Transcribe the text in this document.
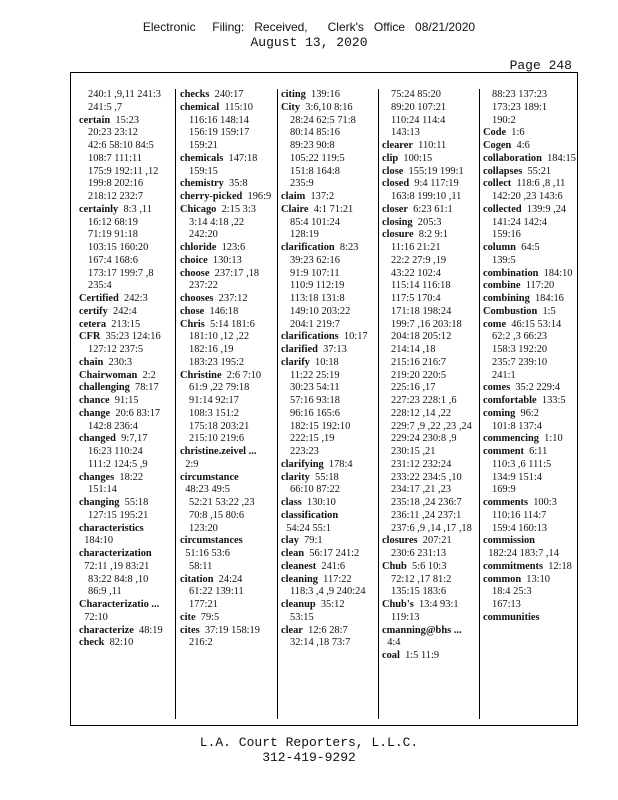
Electronic     Filing:   Received,      Clerk's   Office   08/21/2020
August 13, 2020
Page 248
240:1 ,9,11 241:3
241:5 ,7
certain  15:23
20:23 23:12
42:6 58:10 84:5
108:7 111:11
175:9 192:11 ,12
199:8 202:16
218:12 232:7
certainly  8:3 ,11
16:12 68:19
71:19 91:18
103:15 160:20
167:4 168:6
173:17 199:7 ,8
235:4
Certified  242:3
certify  242:4
cetera  213:15
CFR  35:23 124:16
127:12 237:5
chain  230:3
Chairwoman  2:2
challenging  78:17
chance  91:15
change  20:6 83:17
142:8 236:4
changed  9:7,17
16:23 110:24
111:2 124:5 ,9
changes  18:22
151:14
changing  55:18
127:15 195:21
characteristics  184:10
characterization  72:11 ,19 83:21
83:22 84:8 ,10
86:9 ,11
Characterizatio ...  72:10
characterize  48:19
check  82:10
checks  240:17
chemical  115:10
116:16 148:14
156:19 159:17
159:21
chemicals  147:18
159:15
chemistry  35:8
cherry-picked  196:9
Chicago  2:15 3:3
3:14 4:18 ,22
242:20
chloride  123:6
choice  130:13
choose  237:17 ,18
237:22
chooses  237:12
chose  146:18
Chris  5:14 181:6
181:10 ,12 ,22
182:16 ,19
183:23 195:2
Christine  2:6 7:10
61:9 ,22 79:18
91:14 92:17
108:3 151:2
175:18 203:21
215:10 219:6
christine.zeivel ...  2:9
circumstance  48:23 49:5
52:21 53:22 ,23
70:8 ,15 80:6
123:20
circumstances  51:16 53:6
58:11
citation  24:24
61:22 139:11
177:21
cite  79:5
cites  37:19 158:19
216:2
citing  139:16
City  3:6,10 8:16
28:24 62:5 71:8
80:14 85:16
89:23 90:8
105:22 119:5
151:8 164:8
235:9
claim  137:2
Claire  4:1 71:21
85:4 101:24
128:19
clarification  8:23
39:23 62:16
91:9 107:11
110:9 112:19
113:18 131:8
149:10 203:22
204:1 219:7
clarifications  10:17
clarified  37:13
clarify  10:18
11:22 25:19
30:23 54:11
57:16 93:18
96:16 165:6
182:15 192:10
222:15 ,19
223:23
clarifying  178:4
clarity  55:18
66:10 87:22
class  130:10
classification  54:24 55:1
clay  79:1
clean  56:17 241:2
cleanest  241:6
cleaning  117:22
118:3 ,4 ,9 240:24
cleanup  35:12
53:15
clear  12:6 28:7
32:14 ,18 73:7
75:24 85:20
89:20 107:21
110:24 114:4
143:13
clearer  110:11
clip  100:15
close  155:19 199:1
closed  9:4 117:19
163:8 199:10 ,11
closer  6:23 61:1
closing  205:3
closure  8:2 9:1
11:16 21:21
22:2 27:9 ,19
43:22 102:4
115:14 116:18
117:5 170:4
171:18 198:24
199:7 ,16 203:18
204:18 205:12
214:14 ,18
215:16 216:7
219:20 220:5
225:16 ,17
227:23 228:1 ,6
228:12 ,14 ,22
229:7 ,9 ,22 ,23 ,24
229:24 230:8 ,9
230:15 ,21
231:12 232:24
233:22 234:5 ,10
234:17 ,21 ,23
235:18 ,24 236:7
236:11 ,24 237:1
237:6 ,9 ,14 ,17 ,18
closures  207:21
230:6 231:13
Chub  5:6 10:3
72:12 ,17 81:2
135:15 183:6
Chub's  13:4 93:1
119:13
cmanning@bhs ...  4:4
coal  1:5 11:9
88:23 137:23
173:23 189:1
190:2
Code  1:6
Cogen  4:6
collaboration  184:15
collapses  55:21
collect  118:6 ,8 ,11
142:20 ,23 143:6
collected  139:9 ,24
141:24 142:4
159:16
column  64:5
139:5
combination  184:10
combine  117:20
combining  184:16
Combustion  1:5
come  46:15 53:14
62:2 ,3 66:23
158:3 192:20
235:7 239:10
241:1
comes  35:2 229:4
comfortable  133:5
coming  96:2
101:8 137:4
commencing  1:10
comment  6:11
110:3 ,6 111:5
134:9 151:4
169:9
comments  100:3
110:16 114:7
159:4 160:13
commission  182:24 183:7 ,14
commitments  12:18
common  13:10
18:4 25:3
167:13
communities
L.A. Court Reporters, L.L.C.
312-419-9292
